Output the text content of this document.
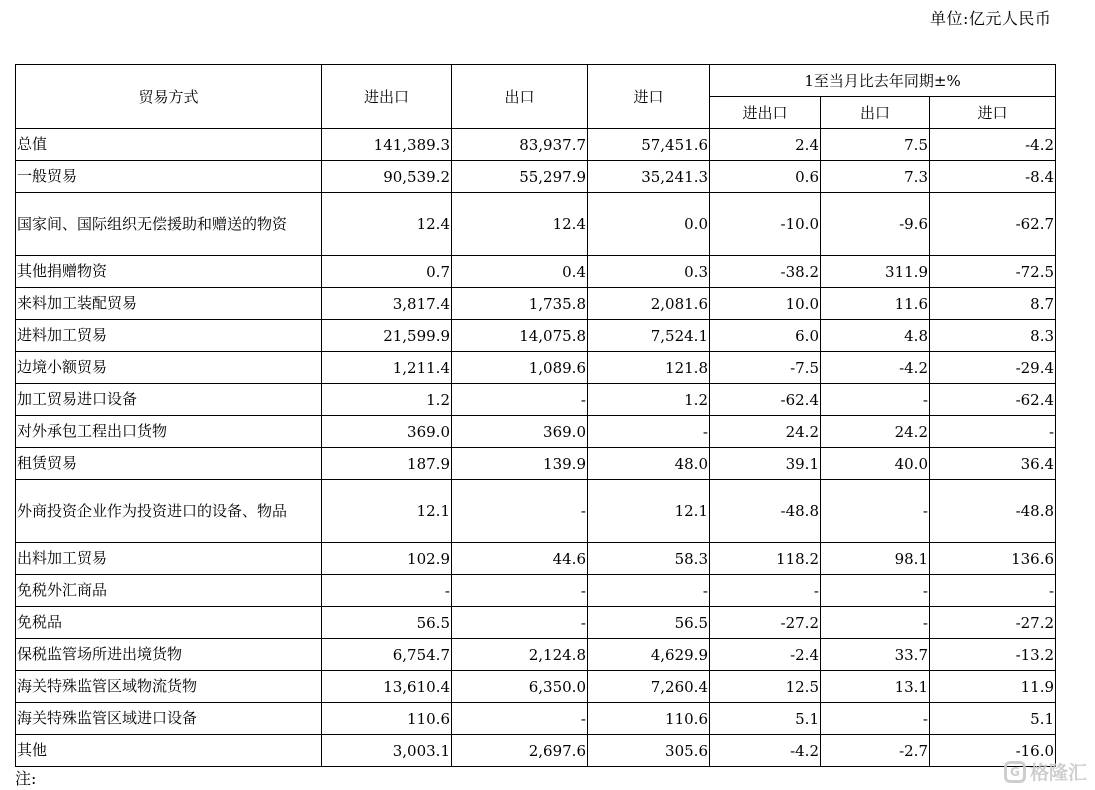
单位:亿元人民币
贸易方式	进出口	出口	进口	1至当月比去年同期±%		
				进出口	出口	进口
总值	141,389.3	83,937.7	57,451.6	2.4	7.5	-4.2
一般贸易	90,539.2	55,297.9	35,241.3	0.6	7.3	-8.4
国家间、国际组织无偿援助和赠送的物资	12.4	12.4	0.0	-10.0	-9.6	-62.7
其他捐赠物资	0.7	0.4	0.3	-38.2	311.9	-72.5
来料加工装配贸易	3,817.4	1,735.8	2,081.6	10.0	11.6	8.7
进料加工贸易	21,599.9	14,075.8	7,524.1	6.0	4.8	8.3
边境小额贸易	1,211.4	1,089.6	121.8	-7.5	-4.2	-29.4
加工贸易进口设备	1.2	-	1.2	-62.4	-	-62.4
对外承包工程出口货物	369.0	369.0	-	24.2	24.2	-
租赁贸易	187.9	139.9	48.0	39.1	40.0	36.4
外商投资企业作为投资进口的设备、物品	12.1	-	12.1	-48.8	-	-48.8
出料加工贸易	102.9	44.6	58.3	118.2	98.1	136.6
免税外汇商品	-	-	-	-	-	-
免税品	56.5	-	56.5	-27.2	-	-27.2
保税监管场所进出境货物	6,754.7	2,124.8	4,629.9	-2.4	33.7	-13.2
海关特殊监管区域物流货物	13,610.4	6,350.0	7,260.4	12.5	13.1	11.9
海关特殊监管区域进口设备	110.6	-	110.6	5.1	-	5.1
其他	3,003.1	2,697.6	305.6	-4.2	-2.7	-16.0
注:	G 格隆汇
